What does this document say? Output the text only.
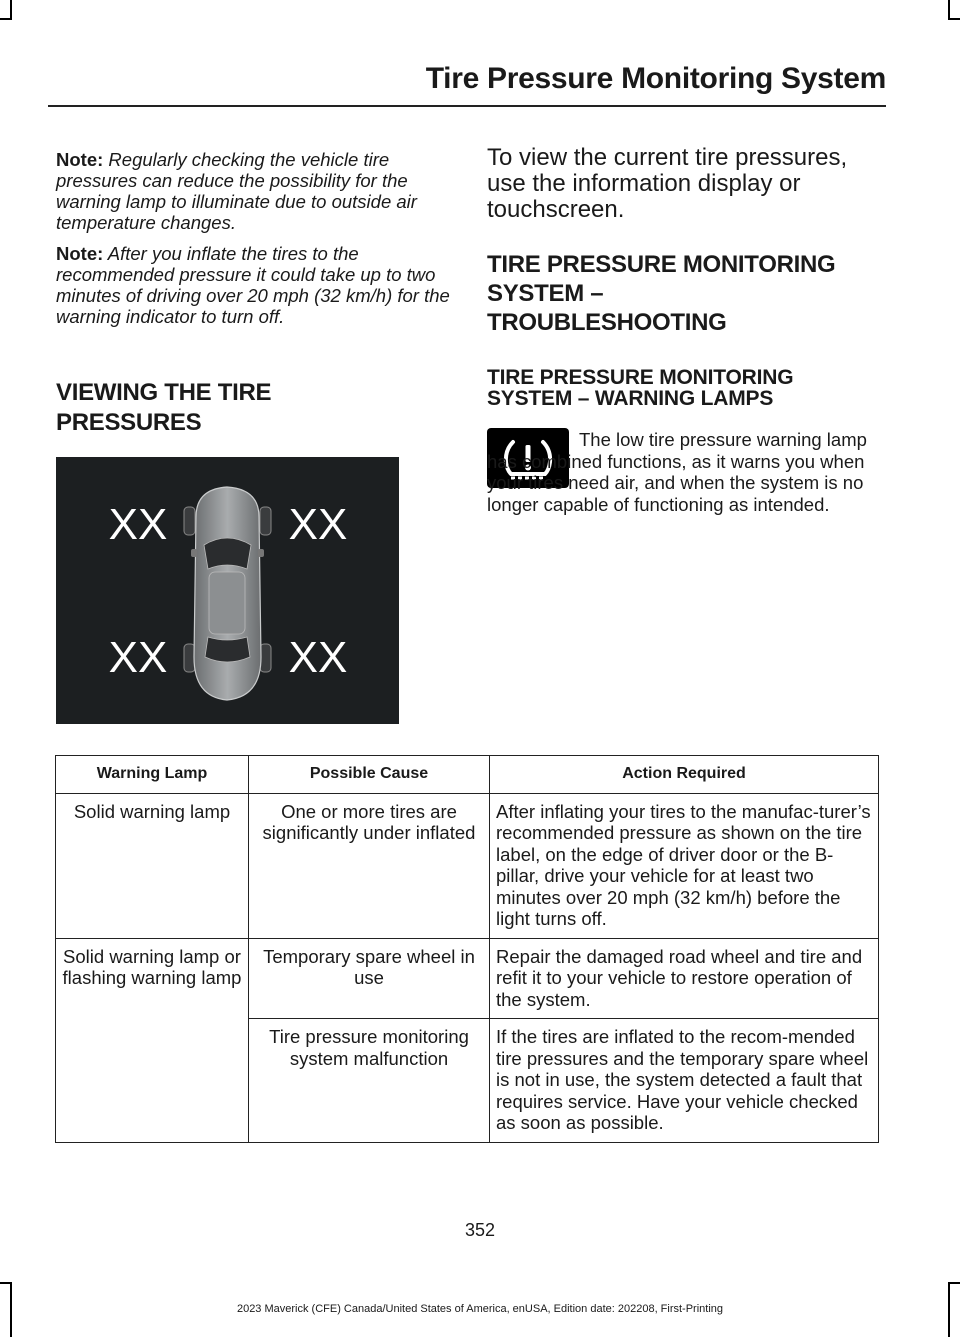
Tire Pressure Monitoring System
Note: Regularly checking the vehicle tire pressures can reduce the possibility for the warning lamp to illuminate due to outside air temperature changes.
Note: After you inflate the tires to the recommended pressure it could take up to two minutes of driving over 20 mph (32 km/h) for the warning indicator to turn off.
VIEWING THE TIRE
PRESSURES
XX	XX
XX	XX
To view the current tire pressures, use the information display or touchscreen.
TIRE PRESSURE MONITORING
SYSTEM –
TROUBLESHOOTING
TIRE PRESSURE MONITORING
SYSTEM – WARNING LAMPS
The low tire pressure warning lamp has combined functions, as it warns you when your tires need air, and when the system is no longer capable of functioning as intended.
Warning Lamp	Possible Cause	Action Required
Solid warning lamp	One or more tires are significantly under inflated	After inflating your tires to the manufac-turer’s recommended pressure as shown on the tire label, on the edge of driver door or the B-pillar, drive your vehicle for at least two minutes over 20 mph (32 km/h) before the light turns off.
Solid warning lamp or flashing warning lamp	Temporary spare wheel in use	Repair the damaged road wheel and tire and refit it to your vehicle to restore operation of the system.
	Tire pressure monitoring system malfunction	If the tires are inflated to the recom-mended tire pressures and the temporary spare wheel is not in use, the system detected a fault that requires service. Have your vehicle checked as soon as possible.
352
2023 Maverick (CFE) Canada/United States of America, enUSA, Edition date: 202208, First-Printing
